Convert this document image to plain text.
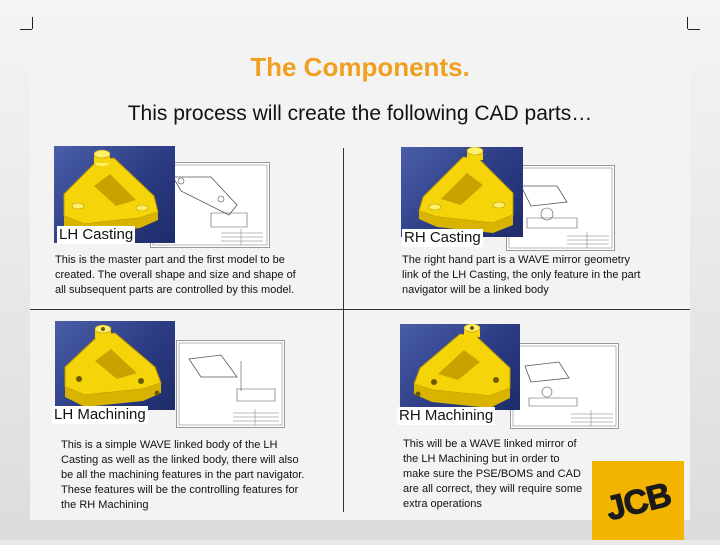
The Components.
This process will create the following CAD parts…
LH Casting
This is the master part and the first model to be created. The overall shape and size and shape of all subsequent parts are controlled by this model.
RH Casting
The right hand part is a WAVE mirror geometry link of the LH Casting, the only feature in the part navigator will be a linked body
LH Machining
This is a simple WAVE linked body of the LH Casting as well as the linked body, there will also be all the machining features in the part navigator. These features will be the controlling features for the RH Machining
RH Machining
This will be a WAVE linked mirror of the LH Machining but in order to make sure the PSE/BOMS and CAD are all correct, they will require some extra operations	JCB
